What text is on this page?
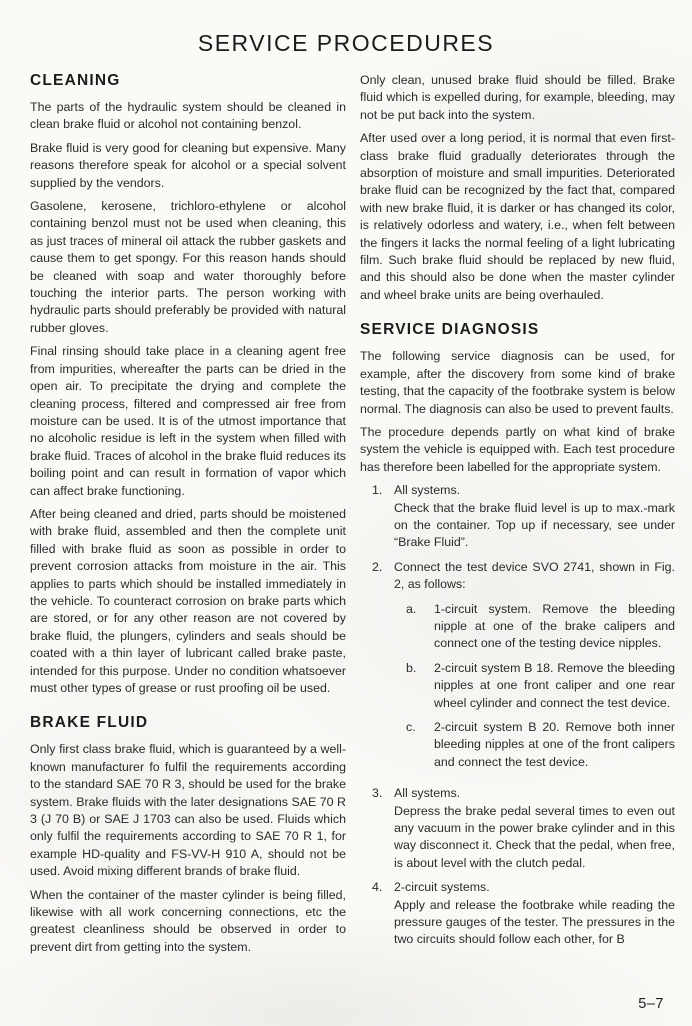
SERVICE PROCEDURES
CLEANING

The parts of the hydraulic system should be cleaned in clean brake fluid or alcohol not containing benzol.

Brake fluid is very good for cleaning but expensive. Many reasons therefore speak for alcohol or a special solvent supplied by the vendors.

Gasolene, kerosene, trichloro-ethylene or alcohol containing benzol must not be used when cleaning, this as just traces of mineral oil attack the rubber gaskets and cause them to get spongy. For this reason hands should be cleaned with soap and water thoroughly before touching the interior parts. The person working with hydraulic parts should preferably be provided with natural rubber gloves.

Final rinsing should take place in a cleaning agent free from impurities, whereafter the parts can be dried in the open air. To precipitate the drying and complete the cleaning process, filtered and compressed air free from moisture can be used. It is of the utmost importance that no alcoholic residue is left in the system when filled with brake fluid. Traces of alcohol in the brake fluid reduces its boiling point and can result in formation of vapor which can affect brake functioning.

After being cleaned and dried, parts should be moistened with brake fluid, assembled and then the complete unit filled with brake fluid as soon as possible in order to prevent corrosion attacks from moisture in the air. This applies to parts which should be installed immediately in the vehicle. To counteract corrosion on brake parts which are stored, or for any other reason are not covered by brake fluid, the plungers, cylinders and seals should be coated with a thin layer of lubricant called brake paste, intended for this purpose. Under no condition whatsoever must other types of grease or rust proofing oil be used.

BRAKE FLUID

Only first class brake fluid, which is guaranteed by a well-known manufacturer fo fulfil the requirements according to the standard SAE 70 R 3, should be used for the brake system. Brake fluids with the later designations SAE 70 R 3 (J 70 B) or SAE J 1703 can also be used. Fluids which only fulfil the requirements according to SAE 70 R 1, for example HD-quality and FS-VV-H 910 A, should not be used. Avoid mixing different brands of brake fluid.

When the container of the master cylinder is being filled, likewise with all work concerning connections, etc the greatest cleanliness should be observed in order to prevent dirt from getting into the system.

Only clean, unused brake fluid should be filled. Brake fluid which is expelled during, for example, bleeding, may not be put back into the system.

After used over a long period, it is normal that even first-class brake fluid gradually deteriorates through the absorption of moisture and small impurities. Deteriorated brake fluid can be recognized by the fact that, compared with new brake fluid, it is darker or has changed its color, is relatively odorless and watery, i.e., when felt between the fingers it lacks the normal feeling of a light lubricating film. Such brake fluid should be replaced by new fluid, and this should also be done when the master cylinder and wheel brake units are being overhauled.

SERVICE DIAGNOSIS

The following service diagnosis can be used, for example, after the discovery from some kind of brake testing, that the capacity of the footbrake system is below normal. The diagnosis can also be used to prevent faults.

The procedure depends partly on what kind of brake system the vehicle is equipped with. Each test procedure has therefore been labelled for the appropriate system.

1. All systems.
Check that the brake fluid level is up to max.-mark on the container. Top up if necessary, see under “Brake Fluid”.
2. Connect the test device SVO 2741, shown in Fig. 2, as follows:
a.	1-circuit system. Remove the bleeding nipple at one of the brake calipers and connect one of the testing device nipples.
b.	2-circuit system B 18. Remove the bleeding nipples at one front caliper and one rear wheel cylinder and connect the test device.
c.	2-circuit system B 20. Remove both inner bleeding nipples at one of the front calipers and connect the test device.
3. All systems.
Depress the brake pedal several times to even out any vacuum in the power brake cylinder and in this way disconnect it. Check that the pedal, when free, is about level with the clutch pedal.
4. 2-circuit systems.
Apply and release the footbrake while reading the pressure gauges of the tester. The pressures in the two circuits should follow each other, for B
5–7
